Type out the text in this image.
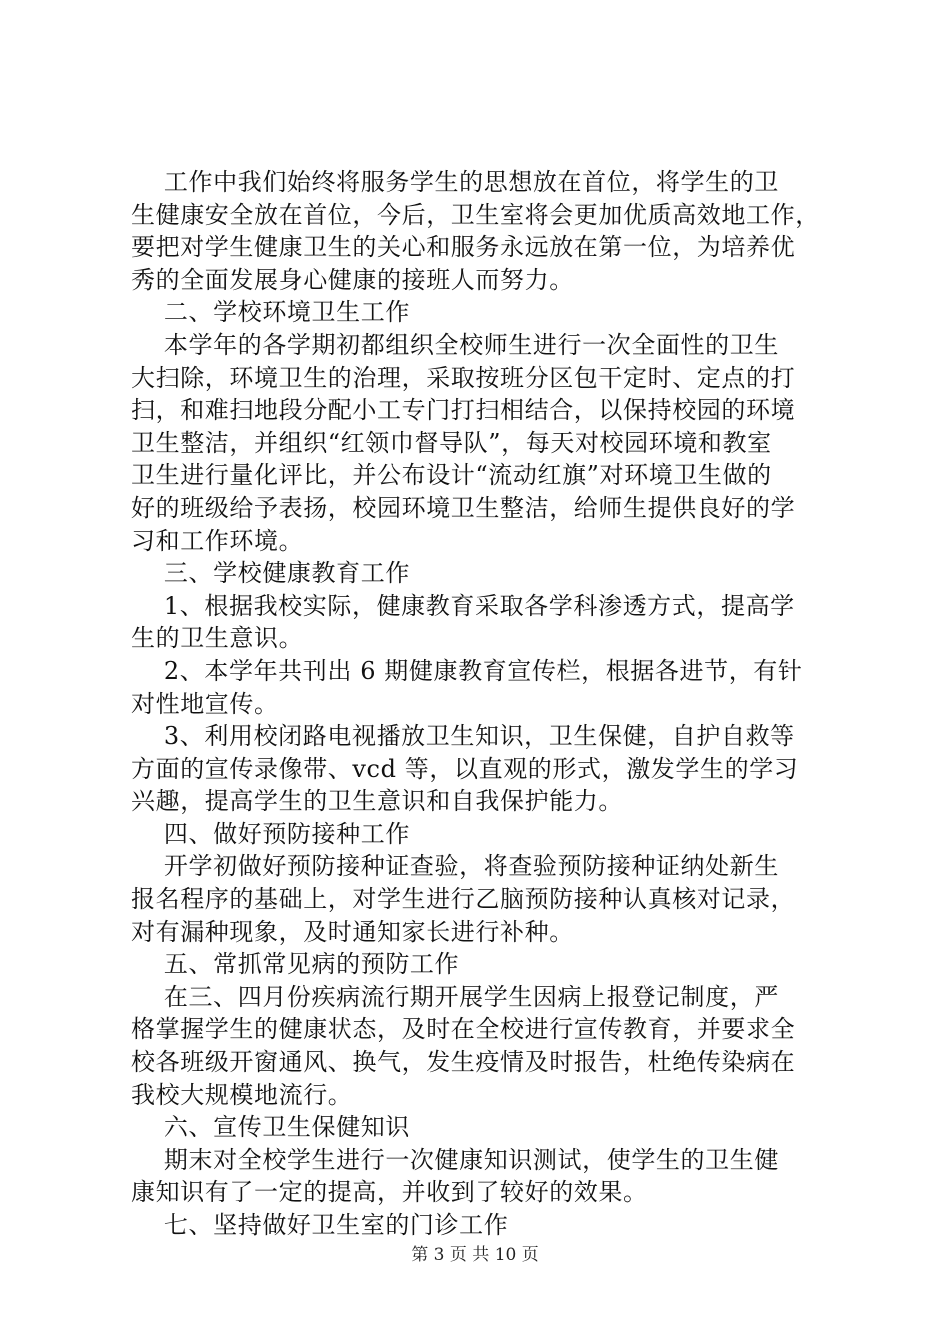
工作中我们始终将服务学生的思想放在首位，将学生的卫
生健康安全放在首位，今后，卫生室将会更加优质高效地工作，
要把对学生健康卫生的关心和服务永远放在第一位，为培养优
秀的全面发展身心健康的接班人而努力。
二、学校环境卫生工作
本学年的各学期初都组织全校师生进行一次全面性的卫生
大扫除，环境卫生的治理，采取按班分区包干定时、定点的打
扫，和难扫地段分配小工专门打扫相结合，以保持校园的环境
卫生整洁，并组织“红领巾督导队”，每天对校园环境和教室
卫生进行量化评比，并公布设计“流动红旗”对环境卫生做的
好的班级给予表扬，校园环境卫生整洁，给师生提供良好的学
习和工作环境。
三、学校健康教育工作
1、根据我校实际，健康教育采取各学科渗透方式，提高学
生的卫生意识。
2、本学年共刊出 6 期健康教育宣传栏，根据各进节，有针
对性地宣传。
3、利用校闭路电视播放卫生知识，卫生保健，自护自救等
方面的宣传录像带、vcd 等，以直观的形式，激发学生的学习
兴趣，提高学生的卫生意识和自我保护能力。
四、做好预防接种工作
开学初做好预防接种证查验，将查验预防接种证纳处新生
报名程序的基础上，对学生进行乙脑预防接种认真核对记录，
对有漏种现象，及时通知家长进行补种。
五、常抓常见病的预防工作
在三、四月份疾病流行期开展学生因病上报登记制度，严
格掌握学生的健康状态，及时在全校进行宣传教育，并要求全
校各班级开窗通风、换气，发生疫情及时报告，杜绝传染病在
我校大规模地流行。
六、宣传卫生保健知识
期末对全校学生进行一次健康知识测试，使学生的卫生健
康知识有了一定的提高，并收到了较好的效果。
七、坚持做好卫生室的门诊工作
第 3 页 共 10 页
